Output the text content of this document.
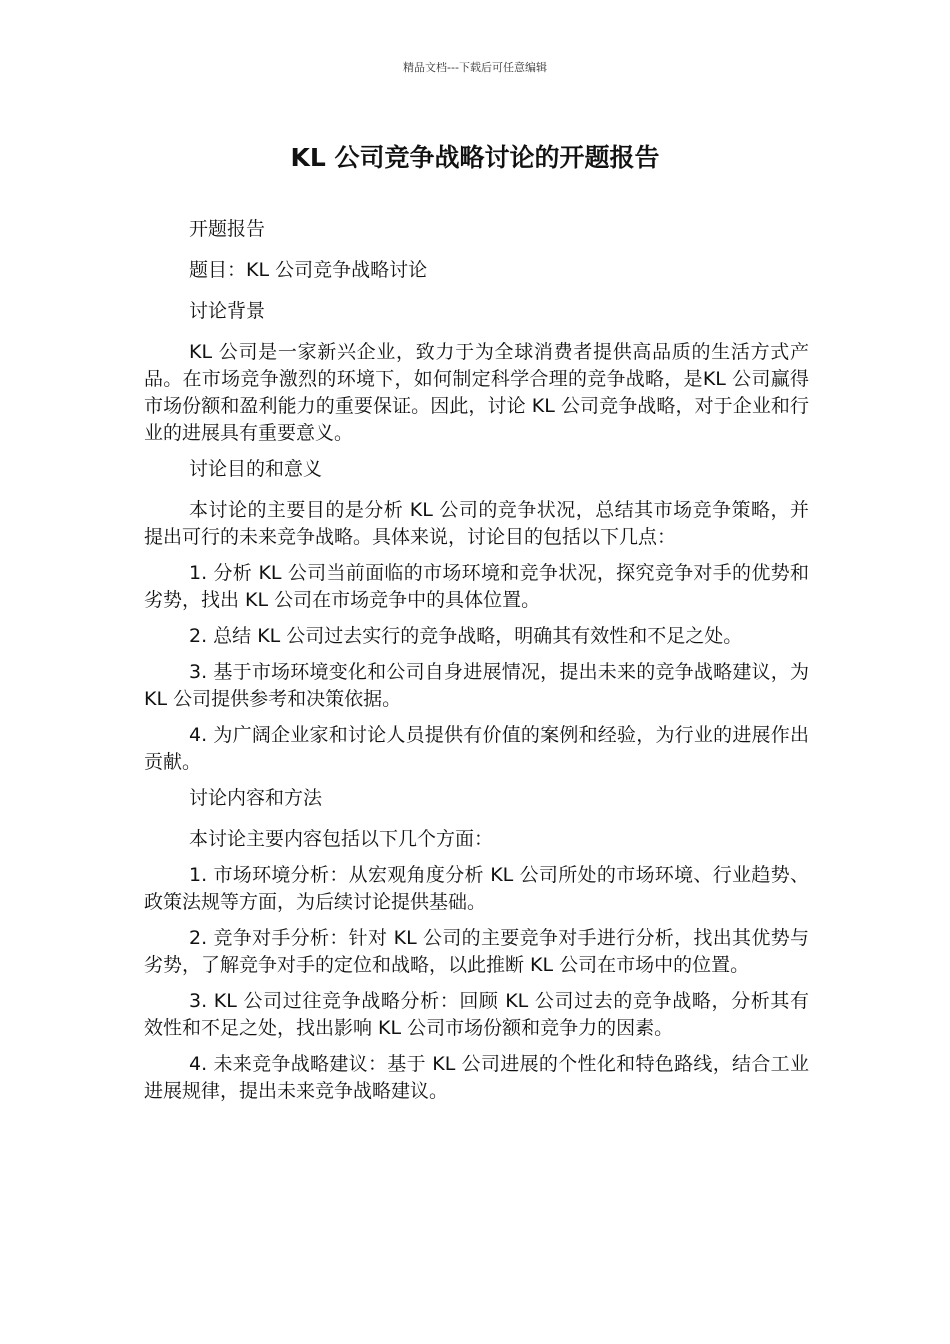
精品文档---下载后可任意编辑
KL 公司竞争战略讨论的开题报告

开题报告

题目：KL 公司竞争战略讨论

讨论背景

KL 公司是一家新兴企业，致力于为全球消费者提供高品质的生活方式产品。在市场竞争激烈的环境下，如何制定科学合理的竞争战略，是KL 公司赢得市场份额和盈利能力的重要保证。因此，讨论 KL 公司竞争战略，对于企业和行业的进展具有重要意义。

讨论目的和意义

本讨论的主要目的是分析 KL 公司的竞争状况，总结其市场竞争策略，并提出可行的未来竞争战略。具体来说，讨论目的包括以下几点：

1. 分析 KL 公司当前面临的市场环境和竞争状况，探究竞争对手的优势和劣势，找出 KL 公司在市场竞争中的具体位置。

2. 总结 KL 公司过去实行的竞争战略，明确其有效性和不足之处。

3. 基于市场环境变化和公司自身进展情况，提出未来的竞争战略建议，为 KL 公司提供参考和决策依据。

4. 为广阔企业家和讨论人员提供有价值的案例和经验，为行业的进展作出贡献。

讨论内容和方法

本讨论主要内容包括以下几个方面：

1. 市场环境分析：从宏观角度分析 KL 公司所处的市场环境、行业趋势、政策法规等方面，为后续讨论提供基础。

2. 竞争对手分析：针对 KL 公司的主要竞争对手进行分析，找出其优势与劣势，了解竞争对手的定位和战略，以此推断 KL 公司在市场中的位置。

3. KL 公司过往竞争战略分析：回顾 KL 公司过去的竞争战略，分析其有效性和不足之处，找出影响 KL 公司市场份额和竞争力的因素。

4. 未来竞争战略建议：基于 KL 公司进展的个性化和特色路线，结合工业进展规律，提出未来竞争战略建议。
